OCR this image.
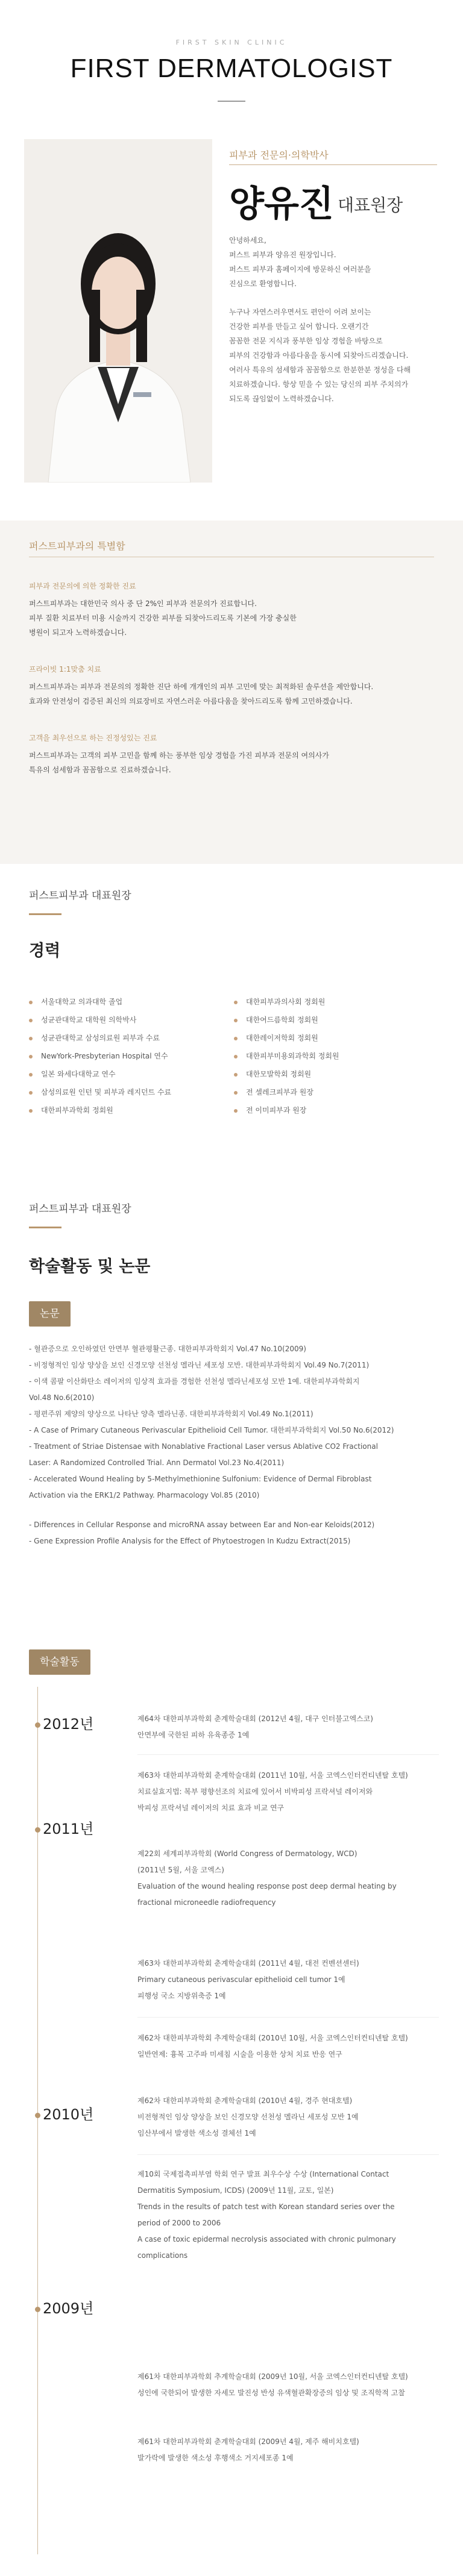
FIRST SKIN CLINIC
FIRST DERMATOLOGIST
피부과 전문의·의학박사
양유진 대표원장

안녕하세요,
퍼스트 피부과 양유진 원장입니다.
퍼스트 피부과 홈페이지에 방문하신 여러분을
진심으로 환영합니다.

누구나 자연스러우면서도 편안이 어려 보이는
건강한 피부를 만들고 싶어 합니다. 오랜기간
꼼꼼한 전문 지식과 풍부한 임상 경험을 바탕으로
피부의 건강함과 아름다움을 동시에 되찾아드리겠습니다.
여러사 특유의 섬세함과 꼼꼼함으로 한분한분 정성을 다해
치료하겠습니다. 항상 믿을 수 있는 당신의 피부 주치의가
되도록 끊임없이 노력하겠습니다.

퍼스트피부과의 특별함
피부과 전문의에 의한 정확한 진료
퍼스트피부과는 대한민국 의사 중 단 2%인 피부과 전문의가 진료합니다.
피부 질환 치료부터 미용 시술까지 건강한 피부를 되찾아드리도록 기본에 가장 충실한
병원이 되고자 노력하겠습니다.
프라이빗 1:1맞춤 치료
퍼스트피부과는 피부과 전문의의 정확한 진단 하에 개개인의 피부 고민에 맞는 최적화된 솔루션을 제안합니다.
효과와 안전성이 검증된 최신의 의료장비로 자연스러운 아름다움을 찾아드리도록 함께 고민하겠습니다.
고객을 최우선으로 하는 진정성있는 진료
퍼스트피부과는 고객의 피부 고민을 함께 하는 풍부한 임상 경험을 가진 피부과 전문의 여의사가
특유의 섬세함과 꼼꼼함으로 진료하겠습니다.
퍼스트피부과 대표원장
경력
서울대학교 의과대학 졸업
성균관대학교 대학원 의학박사
성균관대학교 삼성의료원 피부과 수료
NewYork-Presbyterian Hospital 연수
일본 와세다대학교 연수
삼성의료원 인턴 및 피부과 레지던트 수료
대한피부과학회 정회원
대한피부과의사회 정회원
대한여드름학회 정회원
대한레이저학회 정회원
대한피부미용외과학회 정회원
대한모발학회 정회원
전 셀레크피부과 원장
전 이미피부과 원장
퍼스트피부과 대표원장
학술활동 및 논문
논문
- 혈관증으로 오인하였던 안면부 혈관평활근종. 대한피부과학회지 Vol.47 No.10(2009)
- 비정형적인 임상 양상을 보인 신경모양 선천성 멜라닌 세포성 모반. 대한피부과학회지 Vol.49 No.7(2011)
- 이색 콤팔 이산화탄소 레이저의 임상적 효과를 경험한 선천성 멜라닌세포성 모반 1예. 대한피부과학회지
Vol.48 No.6(2010)
- 평편주위 제양의 양상으로 나타난 양측 멜라닌종. 대한피부과학회지 Vol.49 No.1(2011)
- A Case of Primary Cutaneous Perivascular Epithelioid Cell Tumor. 대한피부과학회지 Vol.50 No.6(2012)
- Treatment of Striae Distensae with Nonablative Fractional Laser versus Ablative CO2 Fractional
Laser: A Randomized Controlled Trial. Ann Dermatol Vol.23 No.4(2011)
- Accelerated Wound Healing by 5-Methylmethionine Sulfonium: Evidence of Dermal Fibroblast
Activation via the ERK1/2 Pathway. Pharmacology Vol.85 (2010)
- Differences in Cellular Response and microRNA assay between Ear and Non-ear Keloids(2012)
- Gene Expression Profile Analysis for the Effect of Phytoestrogen In Kudzu Extract(2015)
학술활동
2012년	제64차 대한피부과학회 춘계학술대회 (2012년 4월, 대구 인터불고엑스코)
안면부에 국한된 피하 유육종증 1예
2011년
제63차 대한피부과학회 춘계학술대회 (2011년 10월, 서울 코엑스인터컨티넨탈 호텔)
치료실효지법: 복부 평향선조의 치료에 있어서 비박피성 프락셔널 레이저와
박피성 프락셔널 레이저의 치료 효과 비교 연구
제22회 세계피부과학회 (World Congress of Dermatology, WCD)
(2011년 5월, 서울 코엑스)
Evaluation of the wound healing response post deep dermal heating by
fractional microneedle radiofrequency
제63차 대한피부과학회 춘계학술대회 (2011년 4월, 대전 컨벤션센터)
Primary cutaneous perivascular epithelioid cell tumor 1예
피행성 국소 지방위축증 1예
2010년
제62차 대한피부과학회 추계학술대회 (2010년 10월, 서울 코엑스인터컨티넨탈 호텔)
일반연제: 흉복 고주파 미세침 시술을 이용한 상처 치료 반응 연구
제62차 대한피부과학회 춘계학술대회 (2010년 4월, 경주 현대호텔)
비전형적인 임상 양상을 보인 신경모양 선천성 멜라닌 세포성 모반 1예
임산부에서 발생한 색소성 결체선 1예
2009년
제10회 국제접촉피부염 학회 연구 발표 최우수상 수상 (International Contact
Dermatitis Symposium, ICDS) (2009년 11월, 교토, 일본)
Trends in the results of patch test with Korean standard series over the
period of 2000 to 2006
A case of toxic epidermal necrolysis associated with chronic pulmonary
complications
제61차 대한피부과학회 추계학술대회 (2009년 10월, 서울 코엑스인터컨티넨탈 호텔)
성인에 국한되어 발생한 자세모 발진성 반성 유색혈관확장증의 임상 및 조직학적 고찰
제61차 대한피부과학회 춘계학술대회 (2009년 4월, 제주 해비치호텔)
발가락에 발생한 색소성 후행색소 거지세포종 1예
